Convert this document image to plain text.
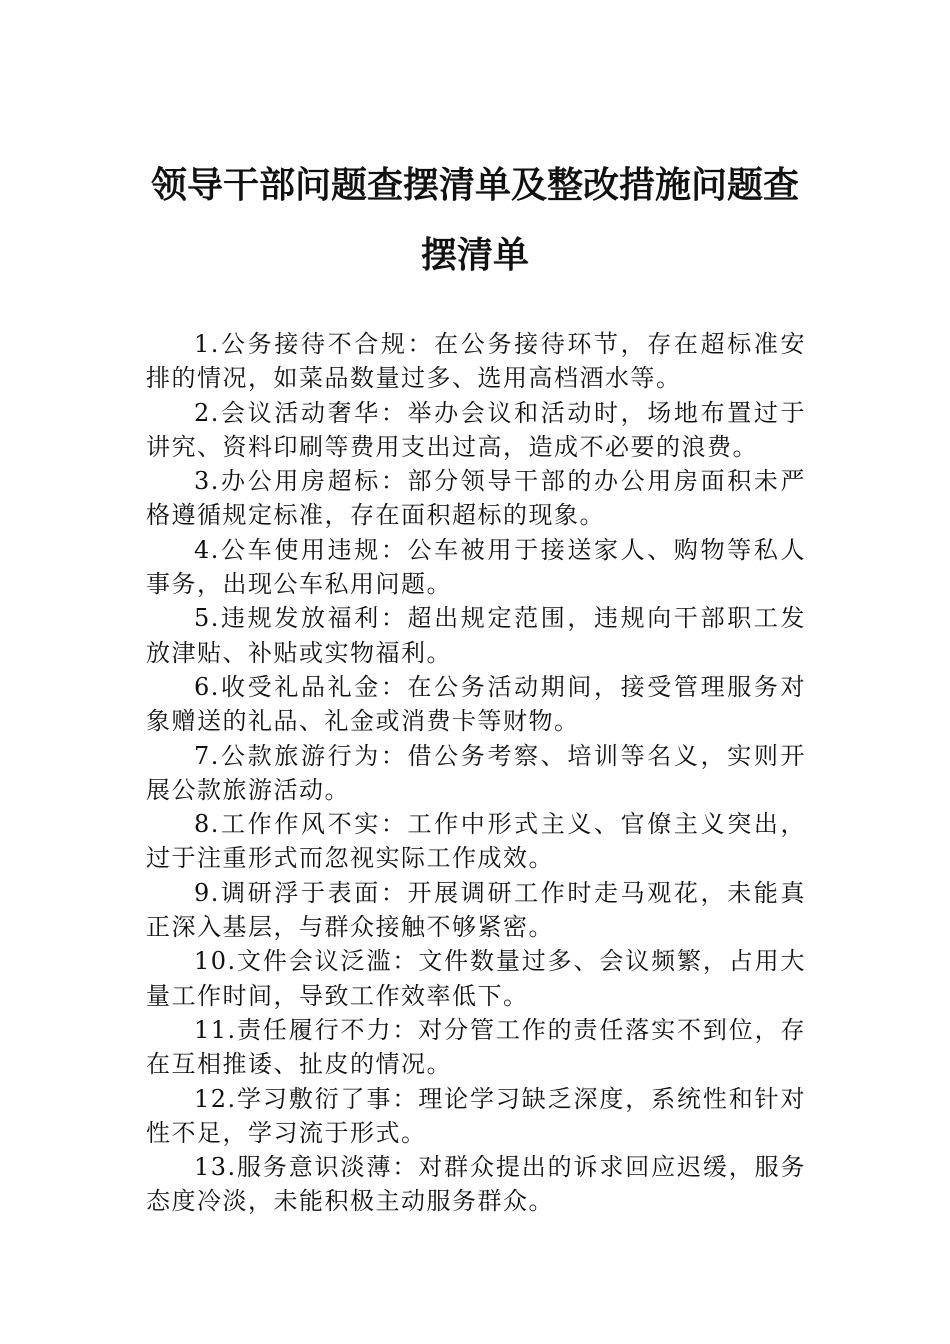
领导干部问题查摆清单及整改措施问题查摆清单

1.公务接待不合规：在公务接待环节，存在超标准安排的情况，如菜品数量过多、选用高档酒水等。

2.会议活动奢华：举办会议和活动时，场地布置过于讲究、资料印刷等费用支出过高，造成不必要的浪费。

3.办公用房超标：部分领导干部的办公用房面积未严格遵循规定标准，存在面积超标的现象。

4.公车使用违规：公车被用于接送家人、购物等私人事务，出现公车私用问题。

5.违规发放福利：超出规定范围，违规向干部职工发放津贴、补贴或实物福利。

6.收受礼品礼金：在公务活动期间，接受管理服务对象赠送的礼品、礼金或消费卡等财物。

7.公款旅游行为：借公务考察、培训等名义，实则开展公款旅游活动。

8.工作作风不实：工作中形式主义、官僚主义突出，过于注重形式而忽视实际工作成效。

9.调研浮于表面：开展调研工作时走马观花，未能真正深入基层，与群众接触不够紧密。

10.文件会议泛滥：文件数量过多、会议频繁，占用大量工作时间，导致工作效率低下。

11.责任履行不力：对分管工作的责任落实不到位，存在互相推诿、扯皮的情况。

12.学习敷衍了事：理论学习缺乏深度，系统性和针对性不足，学习流于形式。

13.服务意识淡薄：对群众提出的诉求回应迟缓，服务态度冷淡，未能积极主动服务群众。
